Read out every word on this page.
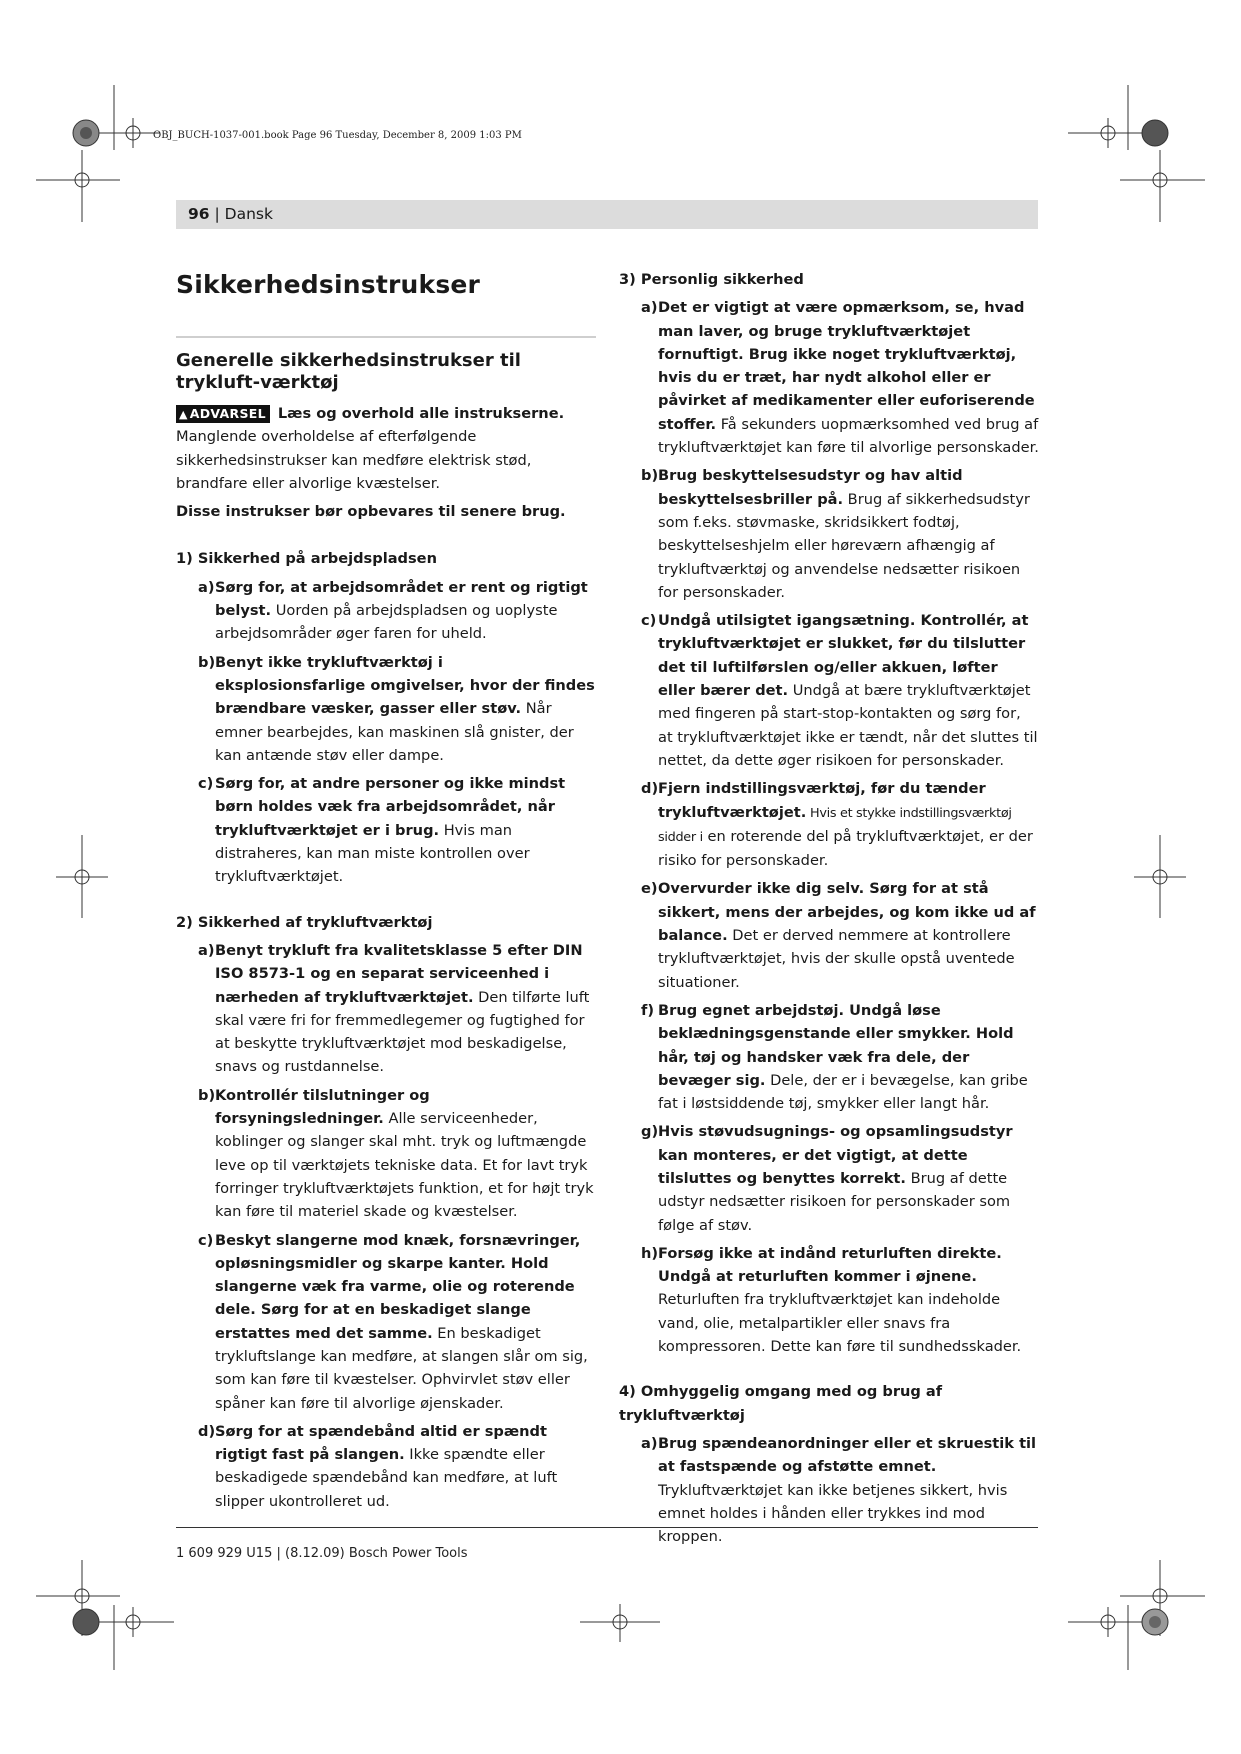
OBJ_BUCH-1037-001.book Page 96 Tuesday, December 8, 2009 1:03 PM
96 | Dansk
Sikkerhedsinstrukser
Generelle sikkerhedsinstrukser til trykluft-værktøj

▲ ADVARSEL Læs og overhold alle instrukserne. Manglende overholdelse af efterfølgende sikkerhedsinstrukser kan medføre elektrisk stød, brandfare eller alvorlige kvæstelser.

Disse instrukser bør opbevares til senere brug.

1) Sikkerhed på arbejdspladsen
a) Sørg for, at arbejdsområdet er rent og rigtigt belyst. Uorden på arbejdspladsen og uoplyste arbejdsområder øger faren for uheld.
b) Benyt ikke trykluftværktøj i eksplosionsfarlige omgivelser, hvor der findes brændbare væsker, gasser eller støv. Når emner bearbejdes, kan maskinen slå gnister, der kan antænde støv eller dampe.
c) Sørg for, at andre personer og ikke mindst børn holdes væk fra arbejdsområdet, når trykluftværktøjet er i brug. Hvis man distraheres, kan man miste kontrollen over trykluftværktøjet.
2) Sikkerhed af trykluftværktøj
a) Benyt trykluft fra kvalitetsklasse 5 efter DIN ISO 8573-1 og en separat serviceenhed i nærheden af trykluftværktøjet. Den tilførte luft skal være fri for fremmedlegemer og fugtighed for at beskytte trykluftværktøjet mod beskadigelse, snavs og rustdannelse.
b) Kontrollér tilslutninger og forsyningsledninger. Alle serviceenheder, koblinger og slanger skal mht. tryk og luftmængde leve op til værktøjets tekniske data. Et for lavt tryk forringer trykluftværktøjets funktion, et for højt tryk kan føre til materiel skade og kvæstelser.
c) Beskyt slangerne mod knæk, forsnævringer, opløsningsmidler og skarpe kanter. Hold slangerne væk fra varme, olie og roterende dele. Sørg for at en beskadiget slange erstattes med det samme. En beskadiget trykluftslange kan medføre, at slangen slår om sig, som kan føre til kvæstelser. Ophvirvlet støv eller spåner kan føre til alvorlige øjenskader.
d) Sørg for at spændebånd altid er spændt rigtigt fast på slangen. Ikke spændte eller beskadigede spændebånd kan medføre, at luft slipper ukontrolleret ud.
3) Personlig sikkerhed
a) Det er vigtigt at være opmærksom, se, hvad man laver, og bruge trykluftværktøjet fornuftigt. Brug ikke noget trykluftværktøj, hvis du er træt, har nydt alkohol eller er påvirket af medikamenter eller euforiserende stoffer. Få sekunders uopmærksomhed ved brug af trykluftværktøjet kan føre til alvorlige personskader.
b) Brug beskyttelsesudstyr og hav altid beskyttelsesbriller på. Brug af sikkerhedsudstyr som f.eks. støvmaske, skridsikkert fodtøj, beskyttelseshjelm eller høreværn afhængig af trykluftværktøj og anvendelse nedsætter risikoen for personskader.
c) Undgå utilsigtet igangsætning. Kontrollér, at trykluftværktøjet er slukket, før du tilslutter det til luftilførslen og/eller akkuen, løfter eller bærer det. Undgå at bære trykluftværktøjet med fingeren på start-stop-kontakten og sørg for, at trykluftværktøjet ikke er tændt, når det sluttes til nettet, da dette øger risikoen for personskader.
d) Fjern indstillingsværktøj, før du tænder trykluftværktøjet. Hvis et stykke indstillingsværktøj sidder i en roterende del på trykluftværktøjet, er der risiko for personskader.
e) Overvurder ikke dig selv. Sørg for at stå sikkert, mens der arbejdes, og kom ikke ud af balance. Det er derved nemmere at kontrollere trykluftværktøjet, hvis der skulle opstå uventede situationer.
f) Brug egnet arbejdstøj. Undgå løse beklædningsgenstande eller smykker. Hold hår, tøj og handsker væk fra dele, der bevæger sig. Dele, der er i bevægelse, kan gribe fat i løstsiddende tøj, smykker eller langt hår.
g) Hvis støvudsugnings- og opsamlingsudstyr kan monteres, er det vigtigt, at dette tilsluttes og benyttes korrekt. Brug af dette udstyr nedsætter risikoen for personskader som følge af støv.
h) Forsøg ikke at indånd returluften direkte. Undgå at returluften kommer i øjnene. Returluften fra trykluftværktøjet kan indeholde vand, olie, metalpartikler eller snavs fra kompressoren. Dette kan føre til sundhedsskader.
4) Omhyggelig omgang med og brug af trykluftværktøj
a) Brug spændeanordninger eller et skruestik til at fastspænde og afstøtte emnet. Trykluftværktøjet kan ikke betjenes sikkert, hvis emnet holdes i hånden eller trykkes ind mod kroppen.
1 609 929 U15 | (8.12.09) Bosch Power Tools
